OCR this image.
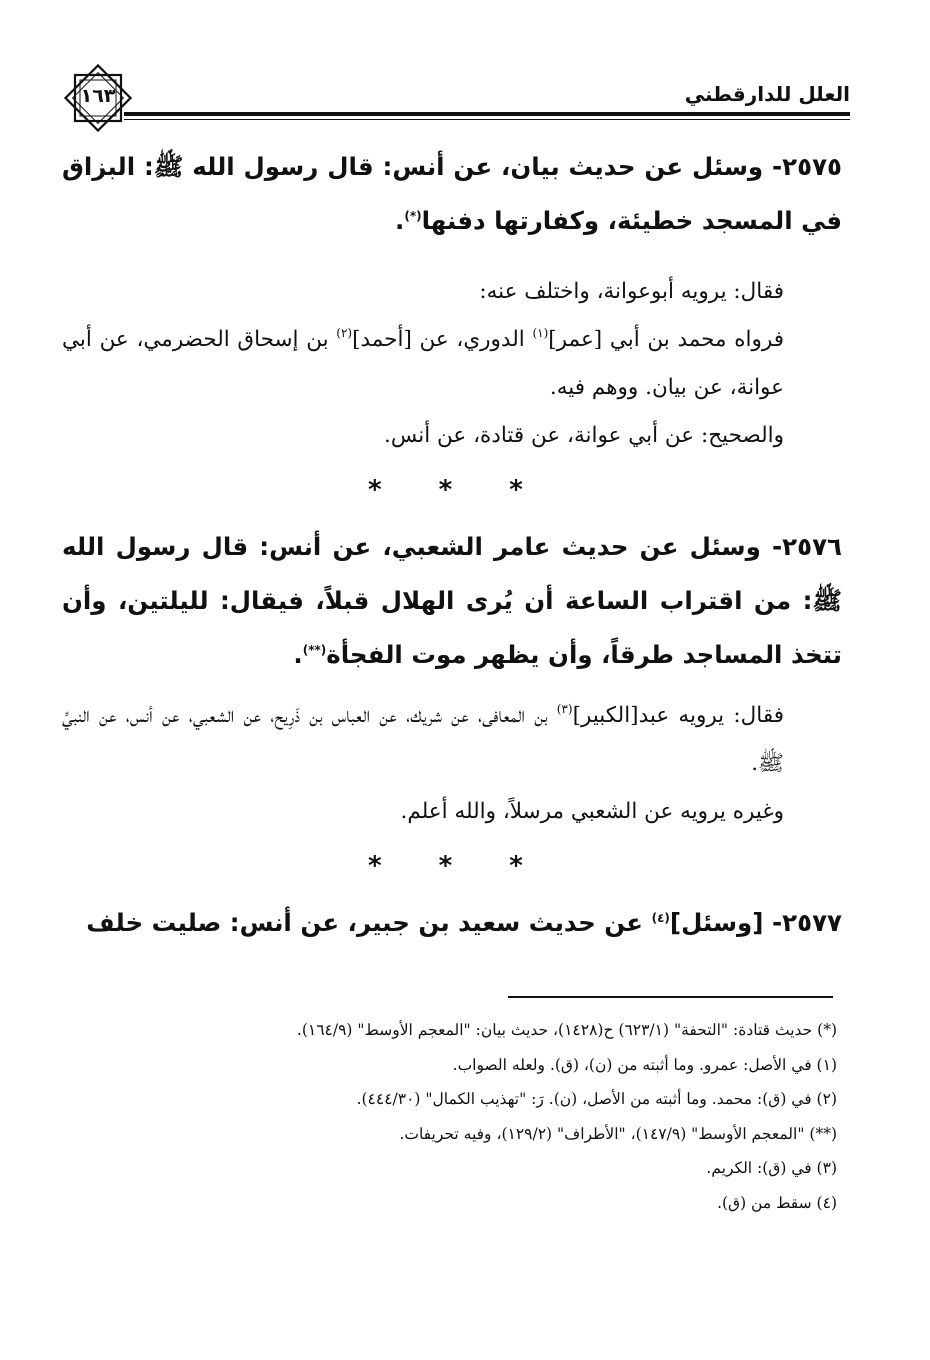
العلل للدارقطني
١٦٣

٢٥٧٥- وسئل عن حديث بيان، عن أنس: قال رسول الله ﷺ: البزاق في المسجد خطيئة، وكفارتها دفنها(*).

فقال: يرويه أبوعوانة، واختلف عنه:

فرواه محمد بن أبي [عمر]$^{(١)}$ الدوري، عن [أحمد]$^{(٢)}$ بن إسحاق الحضرمي، عن أبي عوانة، عن بيان. ووهم فيه.

والصحيح: عن أبي عوانة، عن قتادة، عن أنس.

* * *

٢٥٧٦- وسئل عن حديث عامر الشعبي، عن أنس: قال رسول الله ﷺ: من اقتراب الساعة أن يُرى الهلال قبلاً، فيقال: لليلتين، وأن تتخذ المساجد طرقاً، وأن يظهر موت الفجأة(**).

فقال: يرويه عبد[الكبير]$^{(٣)}$ بن المعافى، عن شريك، عن العباس بن ذَرِيح، عن الشعبي، عن أنس، عن النبيِّ ﷺ.

وغيره يرويه عن الشعبي مرسلاً، والله أعلم.

* * *

٢٥٧٧- [وسئل]$^{(٤)}$ عن حديث سعيد بن جبير، عن أنس: صليت خلف

(*) حديث قتادة: "التحفة" (٦٢٣/١) ح(١٤٢٨)، حديث بيان: "المعجم الأوسط" (١٦٤/٩).

(١) في الأصل: عمرو. وما أثبته من (ن)، (ق). ولعله الصواب.

(٢) في (ق): محمد. وما أثبته من الأصل، (ن). رَ: "تهذيب الكمال" (٤٤٤/٣٠).

(**) "المعجم الأوسط" (١٤٧/٩)، "الأطراف" (١٢٩/٢)، وفيه تحريفات.

(٣) في (ق): الكريم.

(٤) سقط من (ق).
